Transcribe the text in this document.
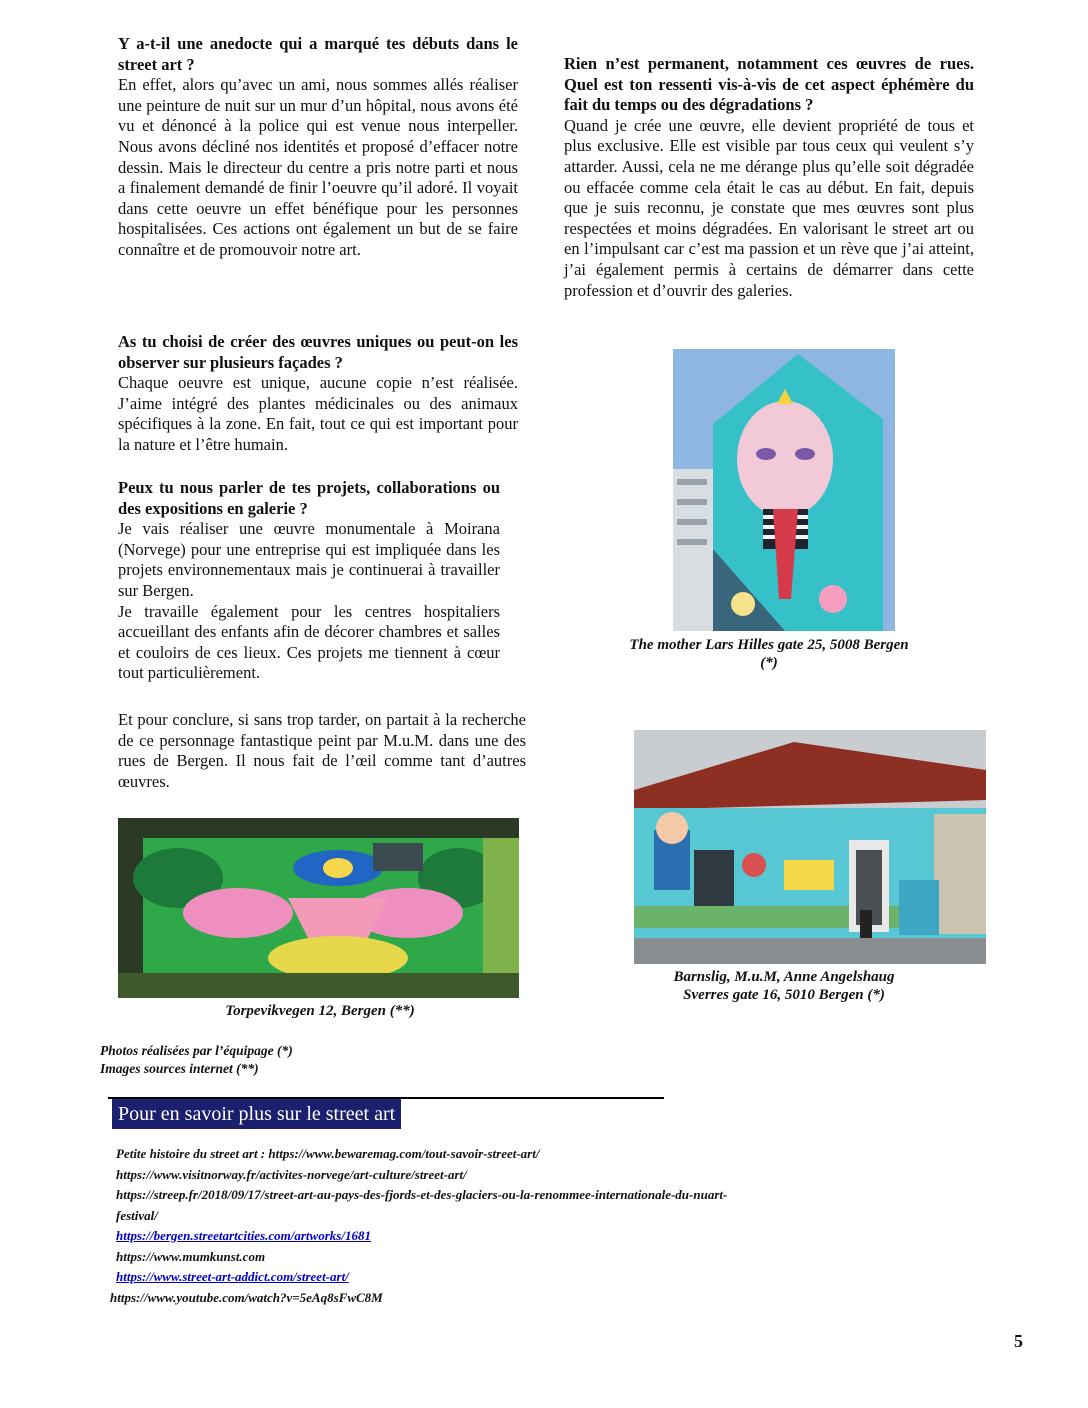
Y a-t-il une anedocte qui a marqué tes débuts dans le street art ?
En effet, alors qu’avec un ami, nous sommes allés réaliser une peinture de nuit sur un mur d’un hôpital, nous avons été vu et dénoncé à la police qui est venue nous interpeller. Nous avons décliné nos identités et proposé d’effacer notre dessin. Mais le directeur du centre a pris notre parti et nous a finalement demandé de finir l’oeuvre qu’il adoré. Il voyait dans cette oeuvre un effet bénéfique pour les personnes hospitalisées. Ces actions ont également un but de se faire connaître et de promouvoir notre art.
As tu choisi de créer des œuvres uniques ou peut-on les observer sur plusieurs façades ?
Chaque oeuvre est unique, aucune copie n’est réalisée. J’aime intégré des plantes médicinales ou des animaux spécifiques à la zone. En fait, tout ce qui est important pour la nature et l’être humain.
Peux tu nous parler de tes projets, collaborations ou des expositions en galerie ?
Je vais réaliser une œuvre monumentale à Moirana (Norvege) pour une entreprise qui est impliquée dans les projets environnementaux mais je continuerai à travailler sur Bergen.
Je travaille également pour les centres hospitaliers accueillant des enfants afin de décorer chambres et salles et couloirs de ces lieux. Ces projets me tiennent à cœur tout particulièrement.
Et pour conclure, si sans trop tarder, on partait à la recherche de ce personnage fantastique peint par M.u.M. dans une des rues de Bergen. Il nous fait de l’œil comme tant d’autres œuvres.
Rien n’est permanent, notamment ces œuvres de rues. Quel est ton ressenti vis-à-vis de cet aspect éphémère du fait du temps ou des dégradations ?
Quand je crée une œuvre, elle devient propriété de tous et plus exclusive. Elle est visible par tous ceux qui veulent s’y attarder. Aussi, cela ne me dérange plus qu’elle soit dégradée ou effacée comme cela était le cas au début. En fait, depuis que je suis reconnu, je constate que mes œuvres sont plus respectées et moins dégradées. En valorisant le street art ou en l’impulsant car c’est ma passion et un rève que j’ai atteint, j’ai également permis à certains de démarrer dans cette profession et d’ouvrir des galeries.
The mother Lars Hilles gate 25, 5008 Bergen
(*)
Barnslig, M.u.M, Anne Angelshaug
Sverres gate 16, 5010 Bergen (*)
Torpevikvegen 12, Bergen (**)
Photos réalisées par l’équipage (*)
Images sources internet (**)
Pour en savoir plus sur le street art
Petite histoire du street art : https://www.bewaremag.com/tout-savoir-street-art/
https://www.visitnorway.fr/activites-norvege/art-culture/street-art/
https://streep.fr/2018/09/17/street-art-au-pays-des-fjords-et-des-glaciers-ou-la-renommee-internationale-du-nuart-
festival/
https://bergen.streetartcities.com/artworks/1681
https://www.mumkunst.com
https://www.street-art-addict.com/street-art/
https://www.youtube.com/watch?v=5eAq8sFwC8M
5
